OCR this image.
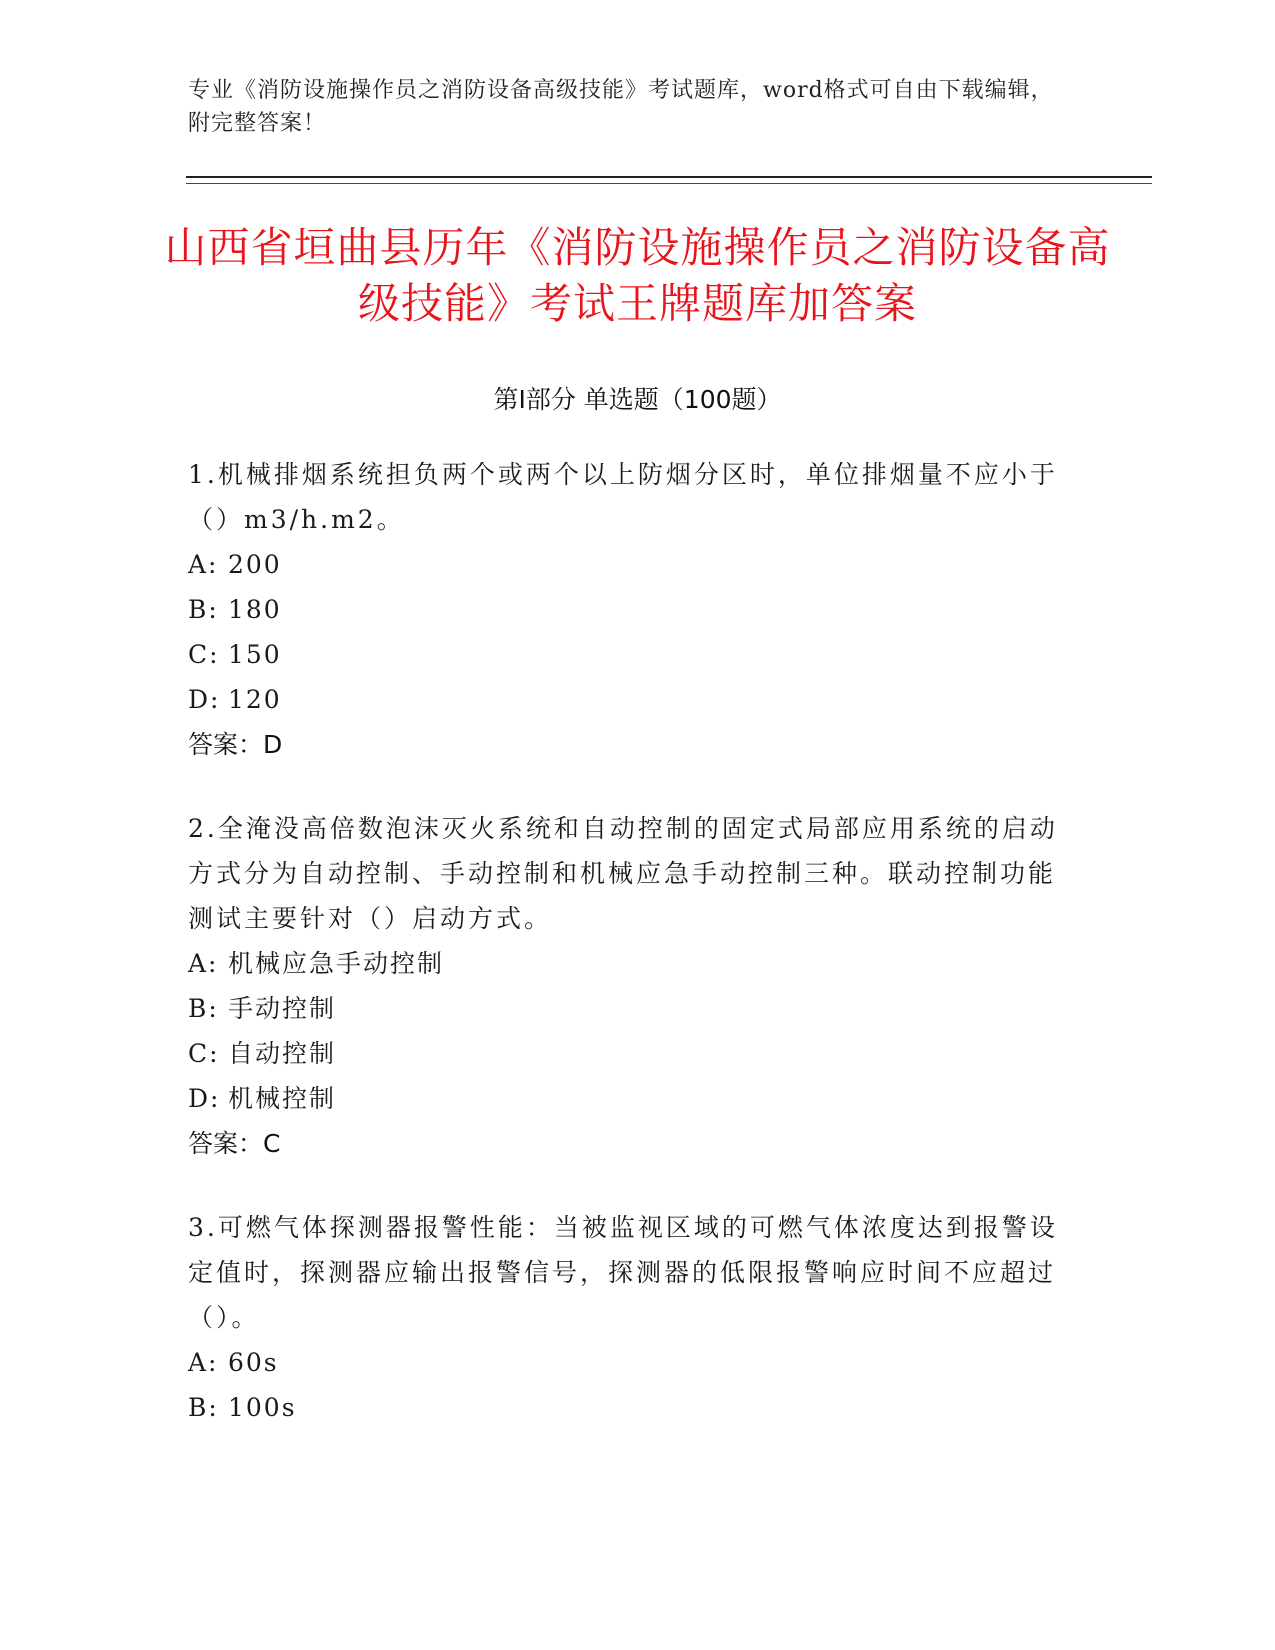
专业《消防设施操作员之消防设备高级技能》考试题库，word格式可自由下载编辑，附完整答案！
山西省垣曲县历年《消防设施操作员之消防设备高级技能》考试王牌题库加答案
第Ⅰ部分 单选题（100题）

1.机械排烟系统担负两个或两个以上防烟分区时，单位排烟量不应小于（）m3/h.m2。

A: 200

B: 180

C: 150

D: 120

答案：D

2.全淹没高倍数泡沫灭火系统和自动控制的固定式局部应用系统的启动方式分为自动控制、手动控制和机械应急手动控制三种。联动控制功能测试主要针对（）启动方式。

A: 机械应急手动控制

B: 手动控制

C: 自动控制

D: 机械控制

答案：C

3.可燃气体探测器报警性能：当被监视区域的可燃气体浓度达到报警设定值时，探测器应输出报警信号，探测器的低限报警响应时间不应超过（）。

A: 60s

B: 100s
